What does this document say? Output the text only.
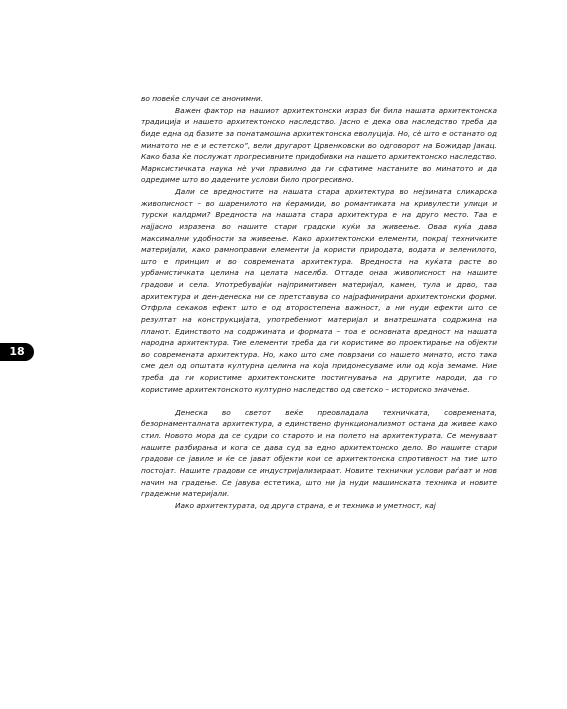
18

во повеќе случаи се анонимни.

Важен фактор на нашиот архитектонски израз би била нашата архитектонска традиција и нашето архитектонско наследство. Јасно е дека ова наследство треба да биде една од базите за понатамошна архитектонска еволуција. Но, сѐ што е останато од минатото не е и естетско”, вели другарот Црвенковски во одговорот на Божидар Јакац. Како база ќе послужат прогресивните придобивки на нашето архитектонско наследство. Марксистичката наука нѐ учи правилно да ги сфатиме настаните во минатото и да одредиме што во дадените услови било прогресивно.

Дали се вредностите на нашата стара архитектура во нејзината сликарска живописност – во шаренилото на ќерамиди, во романтиката на кривулести улици и турски калдрми? Вредноста на нашата стара архитектура е на друго место. Таа е најјасно изразена во нашите стари градски куќи за живеење. Оваа куќа дава максимални удобности за живеење. Како архитектонски елементи, покрај техничките материјали, како рамноправни елементи ја користи природата, водата и зеленилото, што е принцип и во современата архитектура. Вредноста на куќата расте во урбанистичката целина на целата населба. Оттаде онаа живописност на нашите градови и села. Употребувајќи најпримитивен материјал, камен, тула и дрво, таа архитектура и ден-денеска ни се претставува со најрафинирани архитектонски форми. Отфрла секаков ефект што е од второстепена важност, а ни нуди ефекти што се резултат на конструкцијата, употребениот материјал и внатрешната содржина на планот. Единството на содржината и формата – тоа е основната вредност на нашата народна архитектура. Тие елементи треба да ги користиме во проектирање на објекти во современата архитектура. Но, како што сме поврзани со нашето минато, исто така сме дел од општата културна целина на која придонесуваме или од која земаме. Ние треба да ги користиме архитектонските постигнувања на другите народи, да го користиме архитектонското културно наследство од светско – историско значење.

Денеска во светот веќе преовладала техничката, современата, безорнаменталната архитектура, а единствено функционализмот остана да живее како стил. Новото мора да се судри со старото и на полето на архитектурата. Се менуваат нашите разбирања и кога се дава суд за едно архитектонско дело. Во нашите стари градови се јавиле и ќе се јават објекти кои се архитектонска спротивност на тие што постојат. Нашите градови се индустријализираат. Новите технички услови раѓаат и нов начин на градење. Се јавува естетика, што ни ја нуди машинската техника и новите градежни материјали.

Иако архитектурата, од друга страна, е и техника и уметност, кај
